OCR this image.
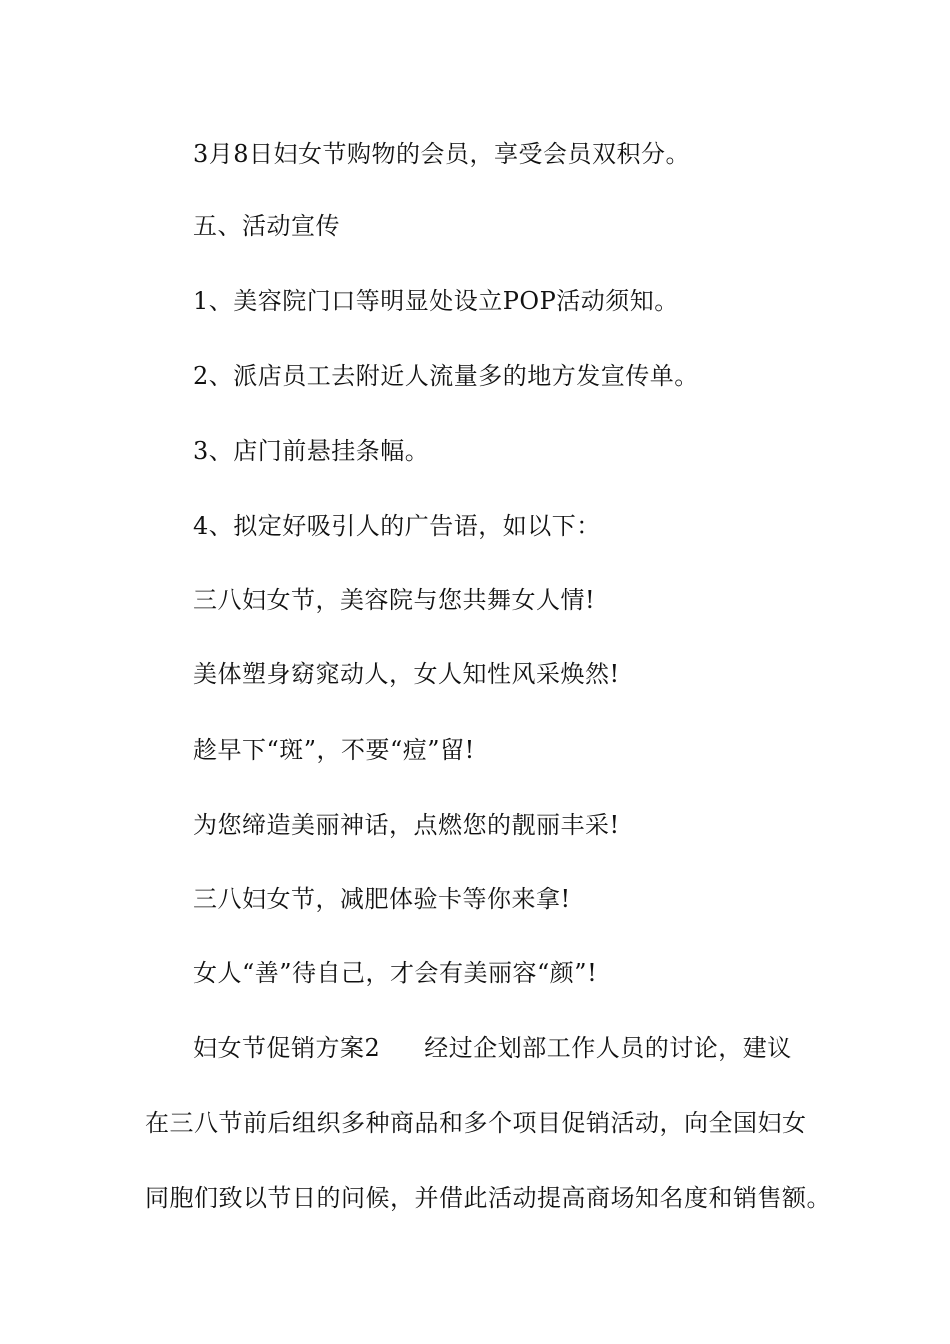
3月8日妇女节购物的会员，享受会员双积分。
五、活动宣传
1、美容院门口等明显处设立POP活动须知。
2、派店员工去附近人流量多的地方发宣传单。
3、店门前悬挂条幅。
4、拟定好吸引人的广告语，如以下：
三八妇女节，美容院与您共舞女人情!
美体塑身窈窕动人，女人知性风采焕然!
趁早下“斑”，不要“痘”留!
为您缔造美丽神话，点燃您的靓丽丰采!
三八妇女节，减肥体验卡等你来拿!
女人“善”待自己，才会有美丽容“颜”!
妇女节促销方案2 经过企划部工作人员的讨论，建议
在三八节前后组织多种商品和多个项目促销活动，向全国妇女
同胞们致以节日的问候，并借此活动提高商场知名度和销售额。
